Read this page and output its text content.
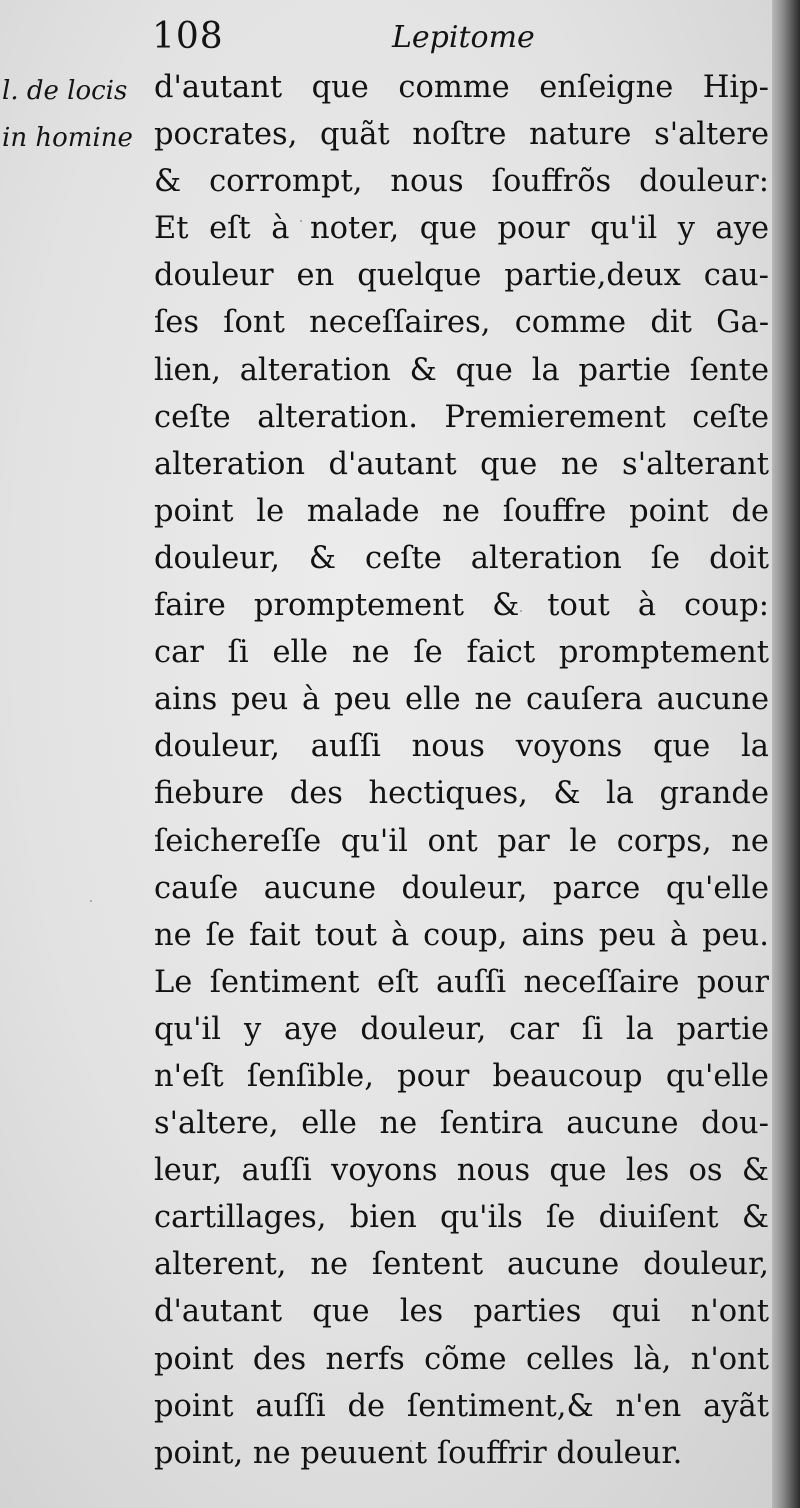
108	Lepitome
l. de locis
in homine
d'autant que comme enſeigne Hip-
pocrates, quãt noſtre nature s'altere
& corrompt, nous ſouffrõs douleur:
Et eſt à noter, que pour qu'il y aye
douleur en quelque partie,deux cau-
ſes ſont neceſſaires, comme dit Ga-
lien, alteration & que la partie ſente
ceſte alteration. Premierement ceſte
alteration d'autant que ne s'alterant
point le malade ne ſouffre point de
douleur, & ceſte alteration ſe doit
faire promptement & tout à coup:
car ſi elle ne ſe faict promptement
ains peu à peu elle ne cauſera aucune
douleur, auſſi nous voyons que la
fiebure des hectiques, & la grande
ſeichereſſe qu'il ont par le corps, ne
cauſe aucune douleur, parce qu'elle
ne ſe fait tout à coup, ains peu à peu.
Le ſentiment eſt auſſi neceſſaire pour
qu'il y aye douleur, car ſi la partie
n'eſt ſenſible, pour beaucoup qu'elle
s'altere, elle ne ſentira aucune dou-
leur, auſſi voyons nous que les os &
cartillages, bien qu'ils ſe diuiſent &
alterent, ne ſentent aucune douleur,
d'autant que les parties qui n'ont
point des nerfs cõme celles là, n'ont
point auſſi de ſentiment,& n'en ayãt
point, ne peuuent ſouffrir douleur.
